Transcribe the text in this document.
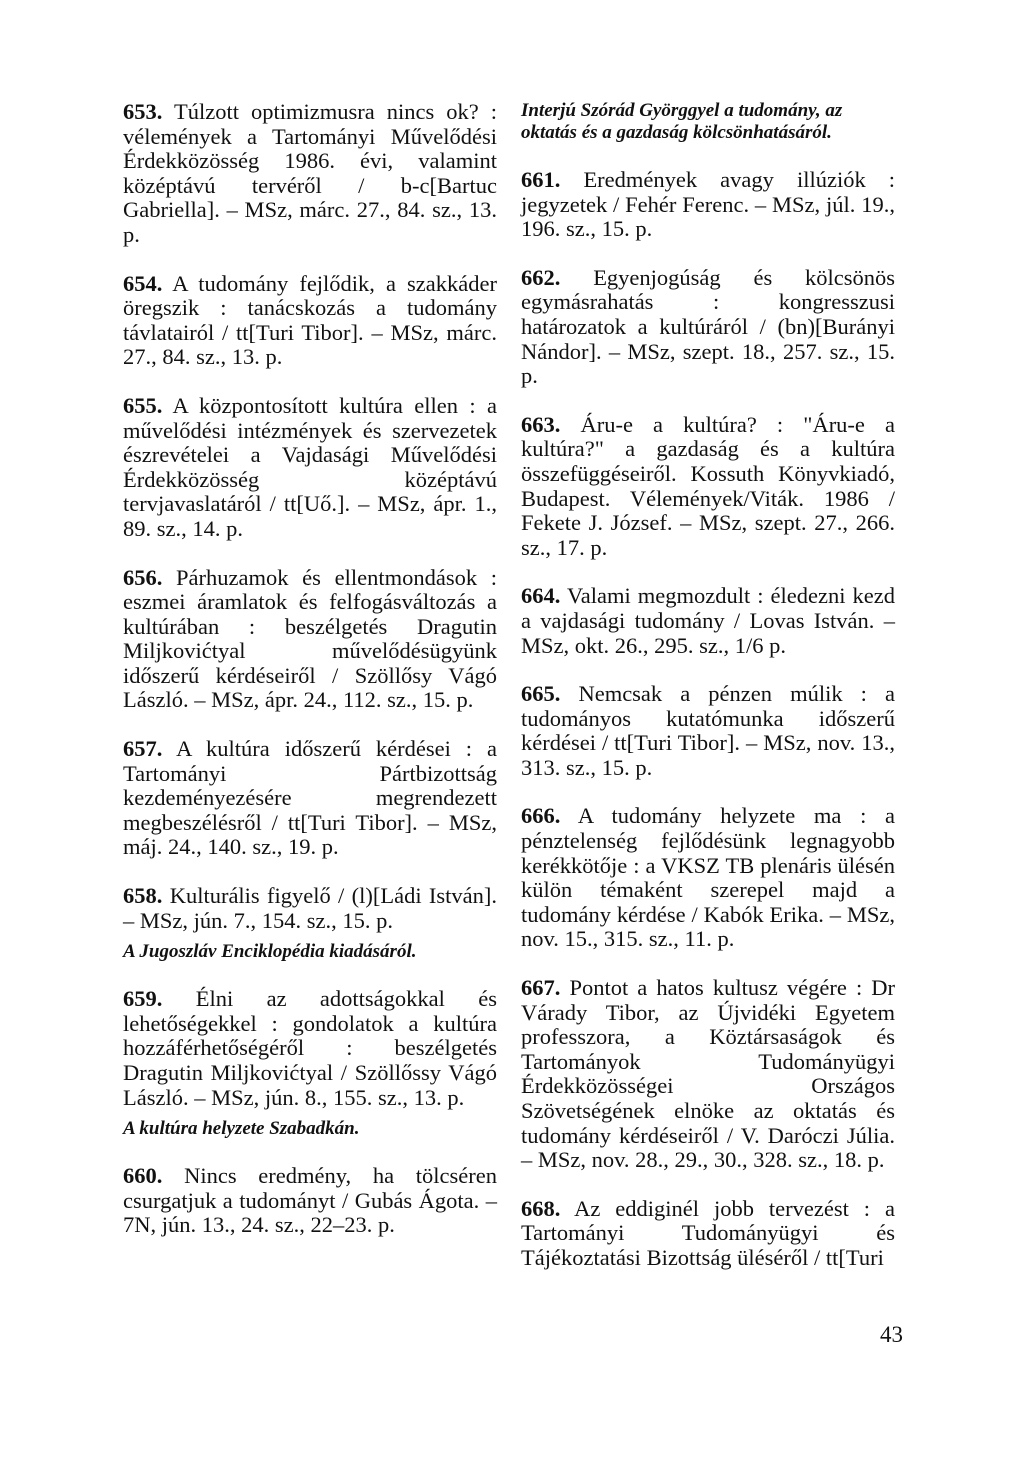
653. Túlzott optimizmusra nincs ok? : vélemények a Tartományi Művelődési Érdekközösség 1986. évi, valamint középtávú tervéről / b-c[Bartuc Gabriella]. – MSz, márc. 27., 84. sz., 13. p.

654. A tudomány fejlődik, a szakkáder öregszik : tanácskozás a tudomány távlatairól / tt[Turi Tibor]. – MSz, márc. 27., 84. sz., 13. p.

655. A központosított kultúra ellen : a művelődési intézmények és szervezetek észrevételei a Vajdasági Művelődési Érdekközösség középtávú tervjavaslatáról / tt[Uő.]. – MSz, ápr. 1., 89. sz., 14. p.

656. Párhuzamok és ellentmondások : eszmei áramlatok és felfogásváltozás a kultúrában : beszélgetés Dragutin Miljkovićtyal művelődésügyünk időszerű kérdéseiről / Szöllősy Vágó László. – MSz, ápr. 24., 112. sz., 15. p.

657. A kultúra időszerű kérdései : a Tartományi Pártbizottság kezdeményezésére megrendezett megbeszélésről / tt[Turi Tibor]. – MSz, máj. 24., 140. sz., 19. p.

658. Kulturális figyelő / (l)[Ládi István]. – MSz, jún. 7., 154. sz., 15. p.

A Jugoszláv Enciklopédia kiadásáról.

659. Élni az adottságokkal és lehetőségekkel : gondolatok a kultúra hozzáférhetőségéről : beszélgetés Dragutin Miljkovićtyal / Szöllőssy Vágó László. – MSz, jún. 8., 155. sz., 13. p.

A kultúra helyzete Szabadkán.

660. Nincs eredmény, ha tölcséren csurgatjuk a tudományt / Gubás Ágota. – 7N, jún. 13., 24. sz., 22–23. p.

Interjú Szórád Györggyel a tudomány, az oktatás és a gazdaság kölcsönhatásáról.

661. Eredmények avagy illúziók : jegyzetek / Fehér Ferenc. – MSz, júl. 19., 196. sz., 15. p.

662. Egyenjogúság és kölcsönös egymásrahatás : kongresszusi határozatok a kultúráról / (bn)[Burányi Nándor]. – MSz, szept. 18., 257. sz., 15. p.

663. Áru-e a kultúra? : "Áru-e a kultúra?" a gazdaság és a kultúra összefüggéseiről. Kossuth Könyvkiadó, Budapest. Vélemények/Viták. 1986 / Fekete J. József. – MSz, szept. 27., 266. sz., 17. p.

664. Valami megmozdult : éledezni kezd a vajdasági tudomány / Lovas István. – MSz, okt. 26., 295. sz., 1/6 p.

665. Nemcsak a pénzen múlik : a tudományos kutatómunka időszerű kérdései / tt[Turi Tibor]. – MSz, nov. 13., 313. sz., 15. p.

666. A tudomány helyzete ma : a pénztelenség fejlődésünk legnagyobb kerékkötője : a VKSZ TB plenáris ülésén külön témaként szerepel majd a tudomány kérdése / Kabók Erika. – MSz, nov. 15., 315. sz., 11. p.

667. Pontot a hatos kultusz végére : Dr Várady Tibor, az Újvidéki Egyetem professzora, a Köztársaságok és Tartományok Tudományügyi Érdekközösségei Országos Szövetségének elnöke az oktatás és tudomány kérdéseiről / V. Daróczi Júlia. – MSz, nov. 28., 29., 30., 328. sz., 18. p.

668. Az eddiginél jobb tervezést : a Tartományi Tudományügyi és Tájékoztatási Bizottság üléséről / tt[Turi

43
